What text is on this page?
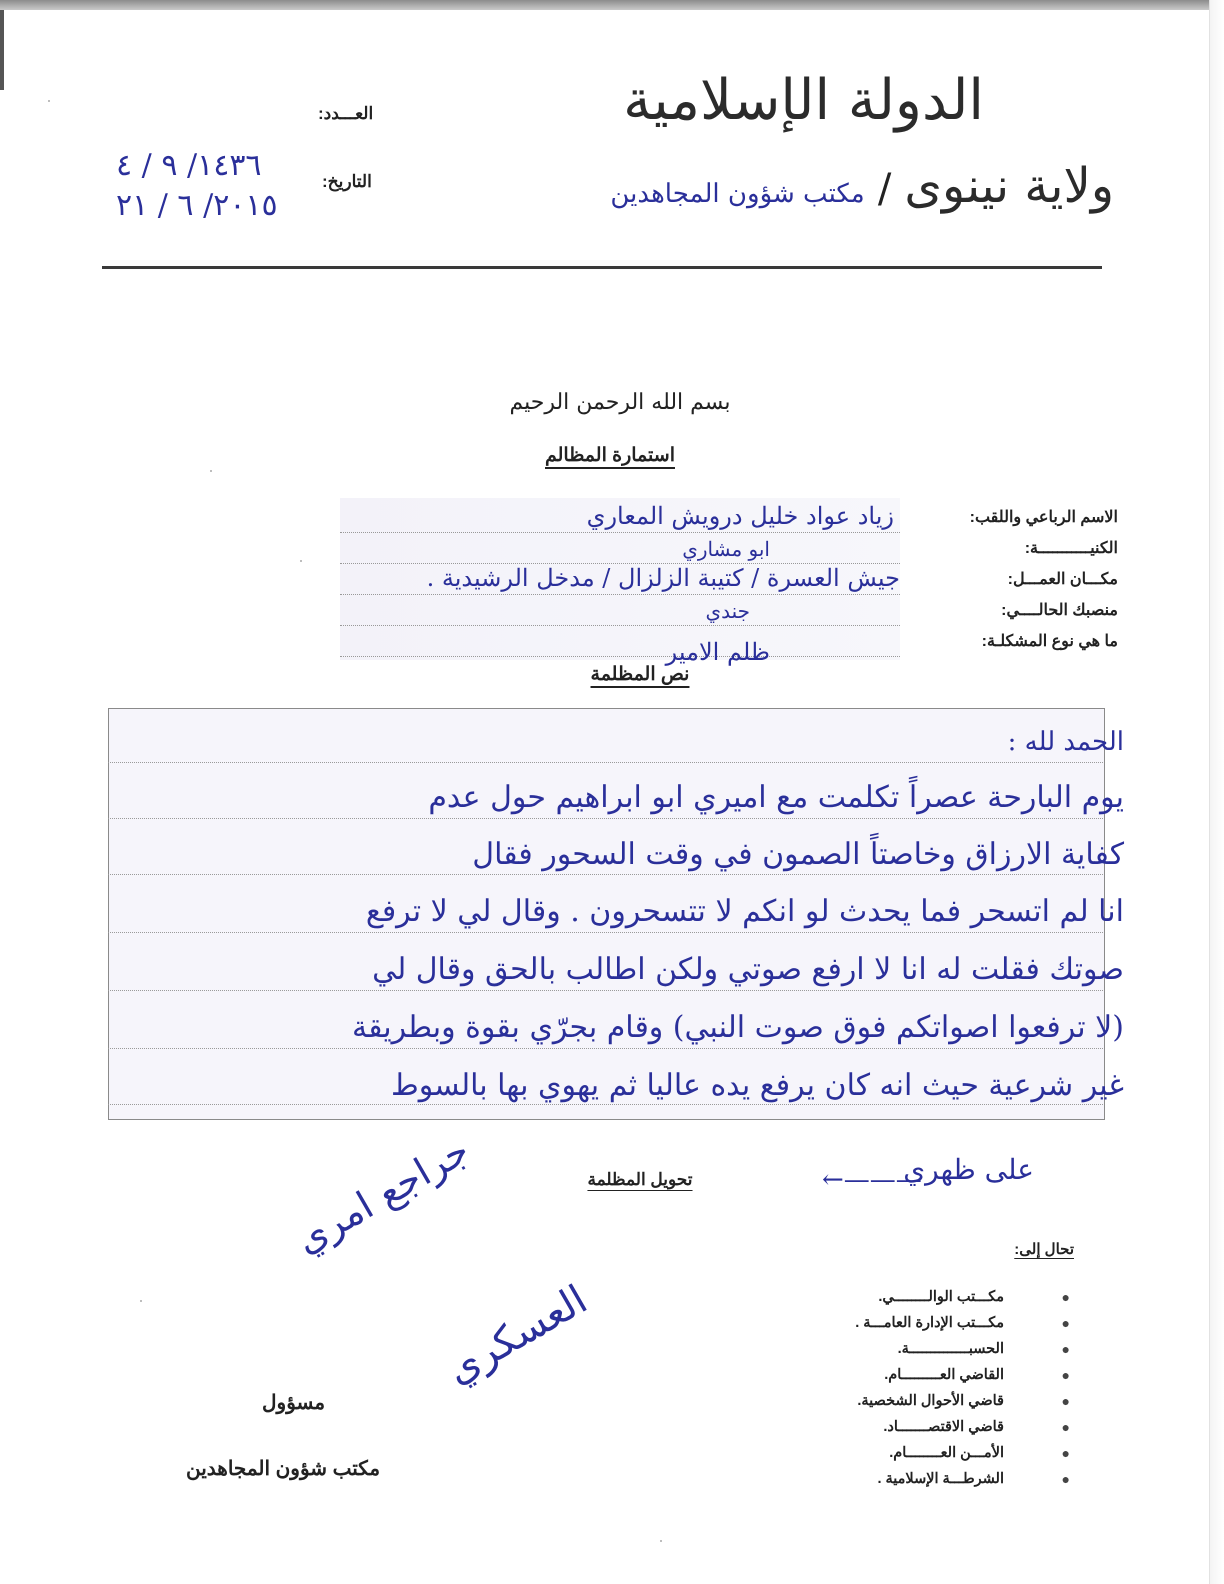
الدولة الإسلامية
ولاية نينوى / مكتب شؤون المجاهدين
العـــدد:
التاريخ:
١٤٣٦/ ٩ / ٤
٢٠١٥/ ٦ / ٢١
بسم الله الرحمن الرحيم
استمارة المظالم
الاسم الرباعي واللقب:
الكنيـــــــــــة:
مكـــان العمـــل:
منصبك الحالــــي:
ما هي نوع المشكلـة:
زياد عواد خليل درويش المعاري
ابو مشاري
جيش العسرة / كتيبة الزلزال / مدخل الرشيدية .
جندي
ظلم الامير
نص المظلمة
الحمد لله :
يوم البارحة عصراً تكلمت مع اميري ابو ابراهيم حول عدم
كفاية الارزاق وخاصتاً الصمون في وقت السحور فقال
انا لم اتسحر فما يحدث لو انكم لا تتسحرون . وقال لي لا ترفع
صوتك فقلت له انا لا ارفع صوتي ولكن اطالب بالحق وقال لي
(لا ترفعوا اصواتكم فوق صوت النبي) وقام بجرّي بقوة وبطريقة
غير شرعية حيث انه كان يرفع يده عاليا ثم يهوي بها بالسوط
على ظهري
تحويل المظلمة	←———
تحال إلى:
●
مكـــتب الوالــــــــي.
●
مكـــتب الإدارة العامـــة .
●
الحسبــــــــــــــة.
●
القاضي العـــــــــام.
●
قاضي الأحوال الشخصية.
●
قاضي الاقتصـــــــاد.
●
الأمـــن العــــــــام.
●
الشرطـــة الإسلامية .
جراجع امري
العسكري
مسؤول
مكتب شؤون المجاهدين
